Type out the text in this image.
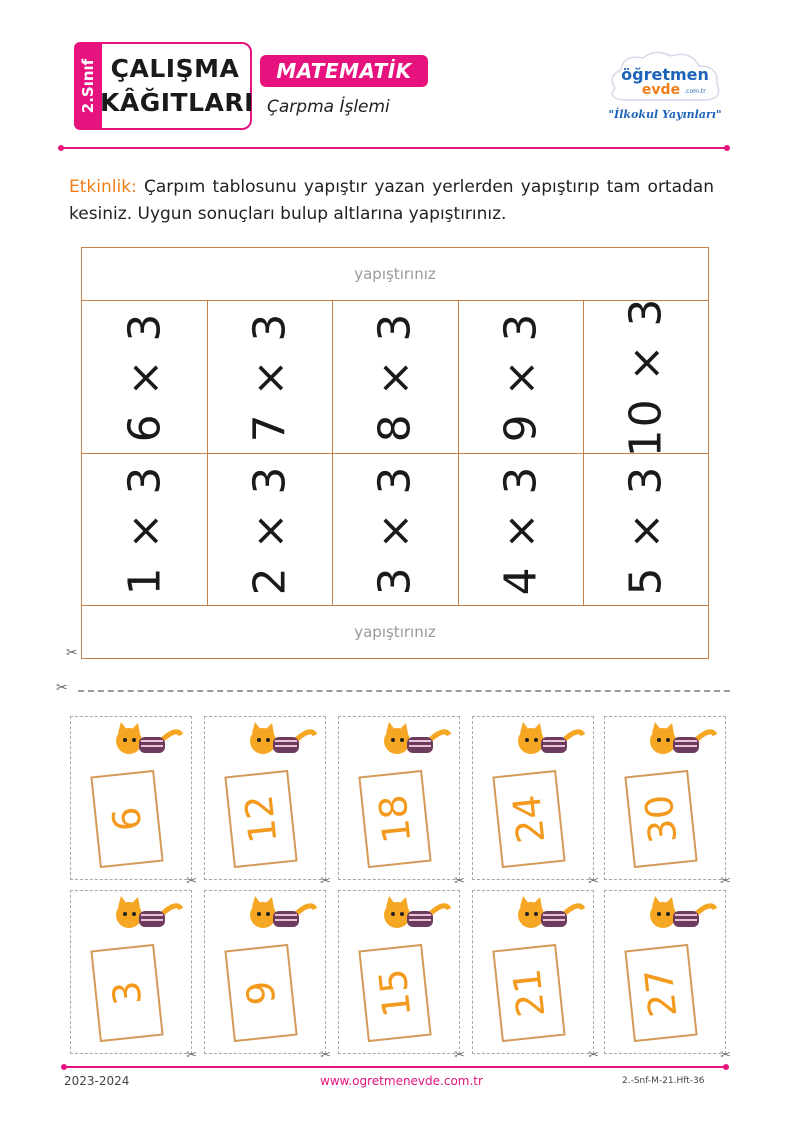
2.Sınıf ÇALIŞMA
KÂĞITLARI
MATEMATİK
Çarpma İşlemi
öğretmen
evde .com.tr
"İlkokul Yayınları"
Etkinlik: Çarpım tablosunu yapıştır yazan yerlerden yapıştırıp tam ortadan kesiniz. Uygun sonuçları bulup altlarına yapıştırınız.
yapıştırınız
6 × 3 7 × 3 8 × 3 9 × 3 10 × 3
1 × 3 2 × 3 3 × 3 4 × 3 5 × 3
yapıştırınız
✂
✂
6
✂
12
✂
18
✂
24
✂
30
✂
3
✂
9
✂
15
✂
21
✂
27
✂
2023-2024	www.ogretmenevde.com.tr	2.-Snf-M-21.Hft-36
